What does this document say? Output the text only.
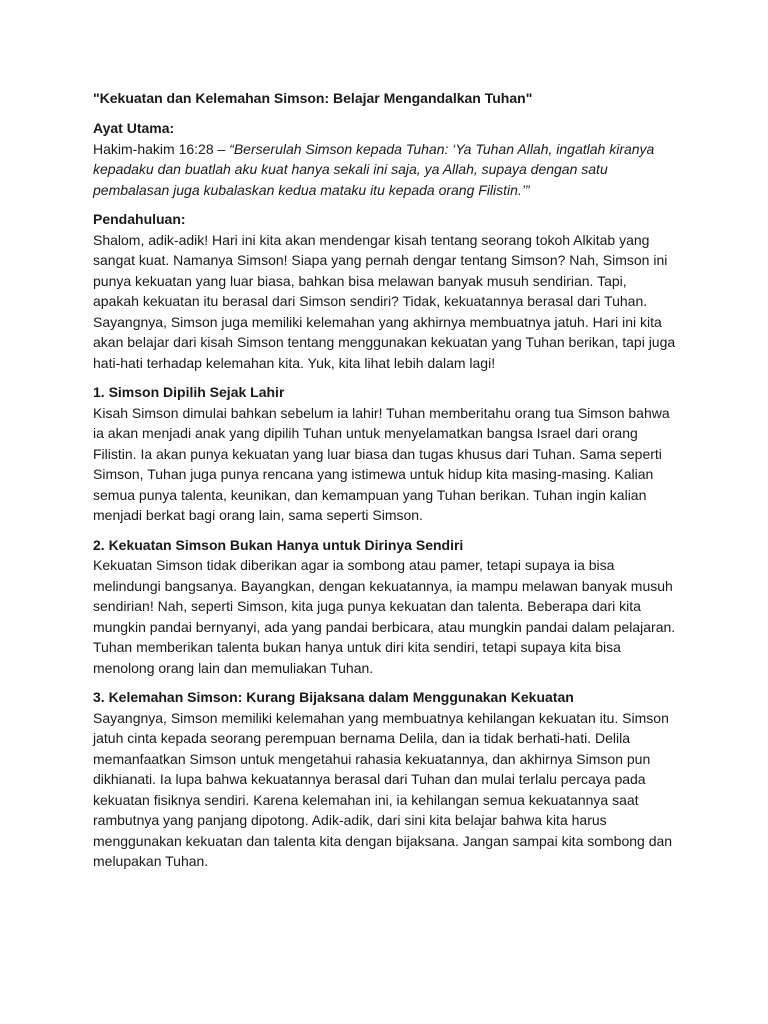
"Kekuatan dan Kelemahan Simson: Belajar Mengandalkan Tuhan"

Ayat Utama:

Hakim-hakim 16:28 – “Berserulah Simson kepada Tuhan: ‘Ya Tuhan Allah, ingatlah kiranya kepadaku dan buatlah aku kuat hanya sekali ini saja, ya Allah, supaya dengan satu pembalasan juga kubalaskan kedua mataku itu kepada orang Filistin.’”

Pendahuluan:

Shalom, adik-adik! Hari ini kita akan mendengar kisah tentang seorang tokoh Alkitab yang sangat kuat. Namanya Simson! Siapa yang pernah dengar tentang Simson? Nah, Simson ini punya kekuatan yang luar biasa, bahkan bisa melawan banyak musuh sendirian. Tapi, apakah kekuatan itu berasal dari Simson sendiri? Tidak, kekuatannya berasal dari Tuhan. Sayangnya, Simson juga memiliki kelemahan yang akhirnya membuatnya jatuh. Hari ini kita akan belajar dari kisah Simson tentang menggunakan kekuatan yang Tuhan berikan, tapi juga hati-hati terhadap kelemahan kita. Yuk, kita lihat lebih dalam lagi!

1. Simson Dipilih Sejak Lahir

Kisah Simson dimulai bahkan sebelum ia lahir! Tuhan memberitahu orang tua Simson bahwa ia akan menjadi anak yang dipilih Tuhan untuk menyelamatkan bangsa Israel dari orang Filistin. Ia akan punya kekuatan yang luar biasa dan tugas khusus dari Tuhan. Sama seperti Simson, Tuhan juga punya rencana yang istimewa untuk hidup kita masing-masing. Kalian semua punya talenta, keunikan, dan kemampuan yang Tuhan berikan. Tuhan ingin kalian menjadi berkat bagi orang lain, sama seperti Simson.

2. Kekuatan Simson Bukan Hanya untuk Dirinya Sendiri

Kekuatan Simson tidak diberikan agar ia sombong atau pamer, tetapi supaya ia bisa melindungi bangsanya. Bayangkan, dengan kekuatannya, ia mampu melawan banyak musuh sendirian! Nah, seperti Simson, kita juga punya kekuatan dan talenta. Beberapa dari kita mungkin pandai bernyanyi, ada yang pandai berbicara, atau mungkin pandai dalam pelajaran. Tuhan memberikan talenta bukan hanya untuk diri kita sendiri, tetapi supaya kita bisa menolong orang lain dan memuliakan Tuhan.

3. Kelemahan Simson: Kurang Bijaksana dalam Menggunakan Kekuatan

Sayangnya, Simson memiliki kelemahan yang membuatnya kehilangan kekuatan itu. Simson jatuh cinta kepada seorang perempuan bernama Delila, dan ia tidak berhati-hati. Delila memanfaatkan Simson untuk mengetahui rahasia kekuatannya, dan akhirnya Simson pun dikhianati. Ia lupa bahwa kekuatannya berasal dari Tuhan dan mulai terlalu percaya pada kekuatan fisiknya sendiri. Karena kelemahan ini, ia kehilangan semua kekuatannya saat rambutnya yang panjang dipotong. Adik-adik, dari sini kita belajar bahwa kita harus menggunakan kekuatan dan talenta kita dengan bijaksana. Jangan sampai kita sombong dan melupakan Tuhan.
